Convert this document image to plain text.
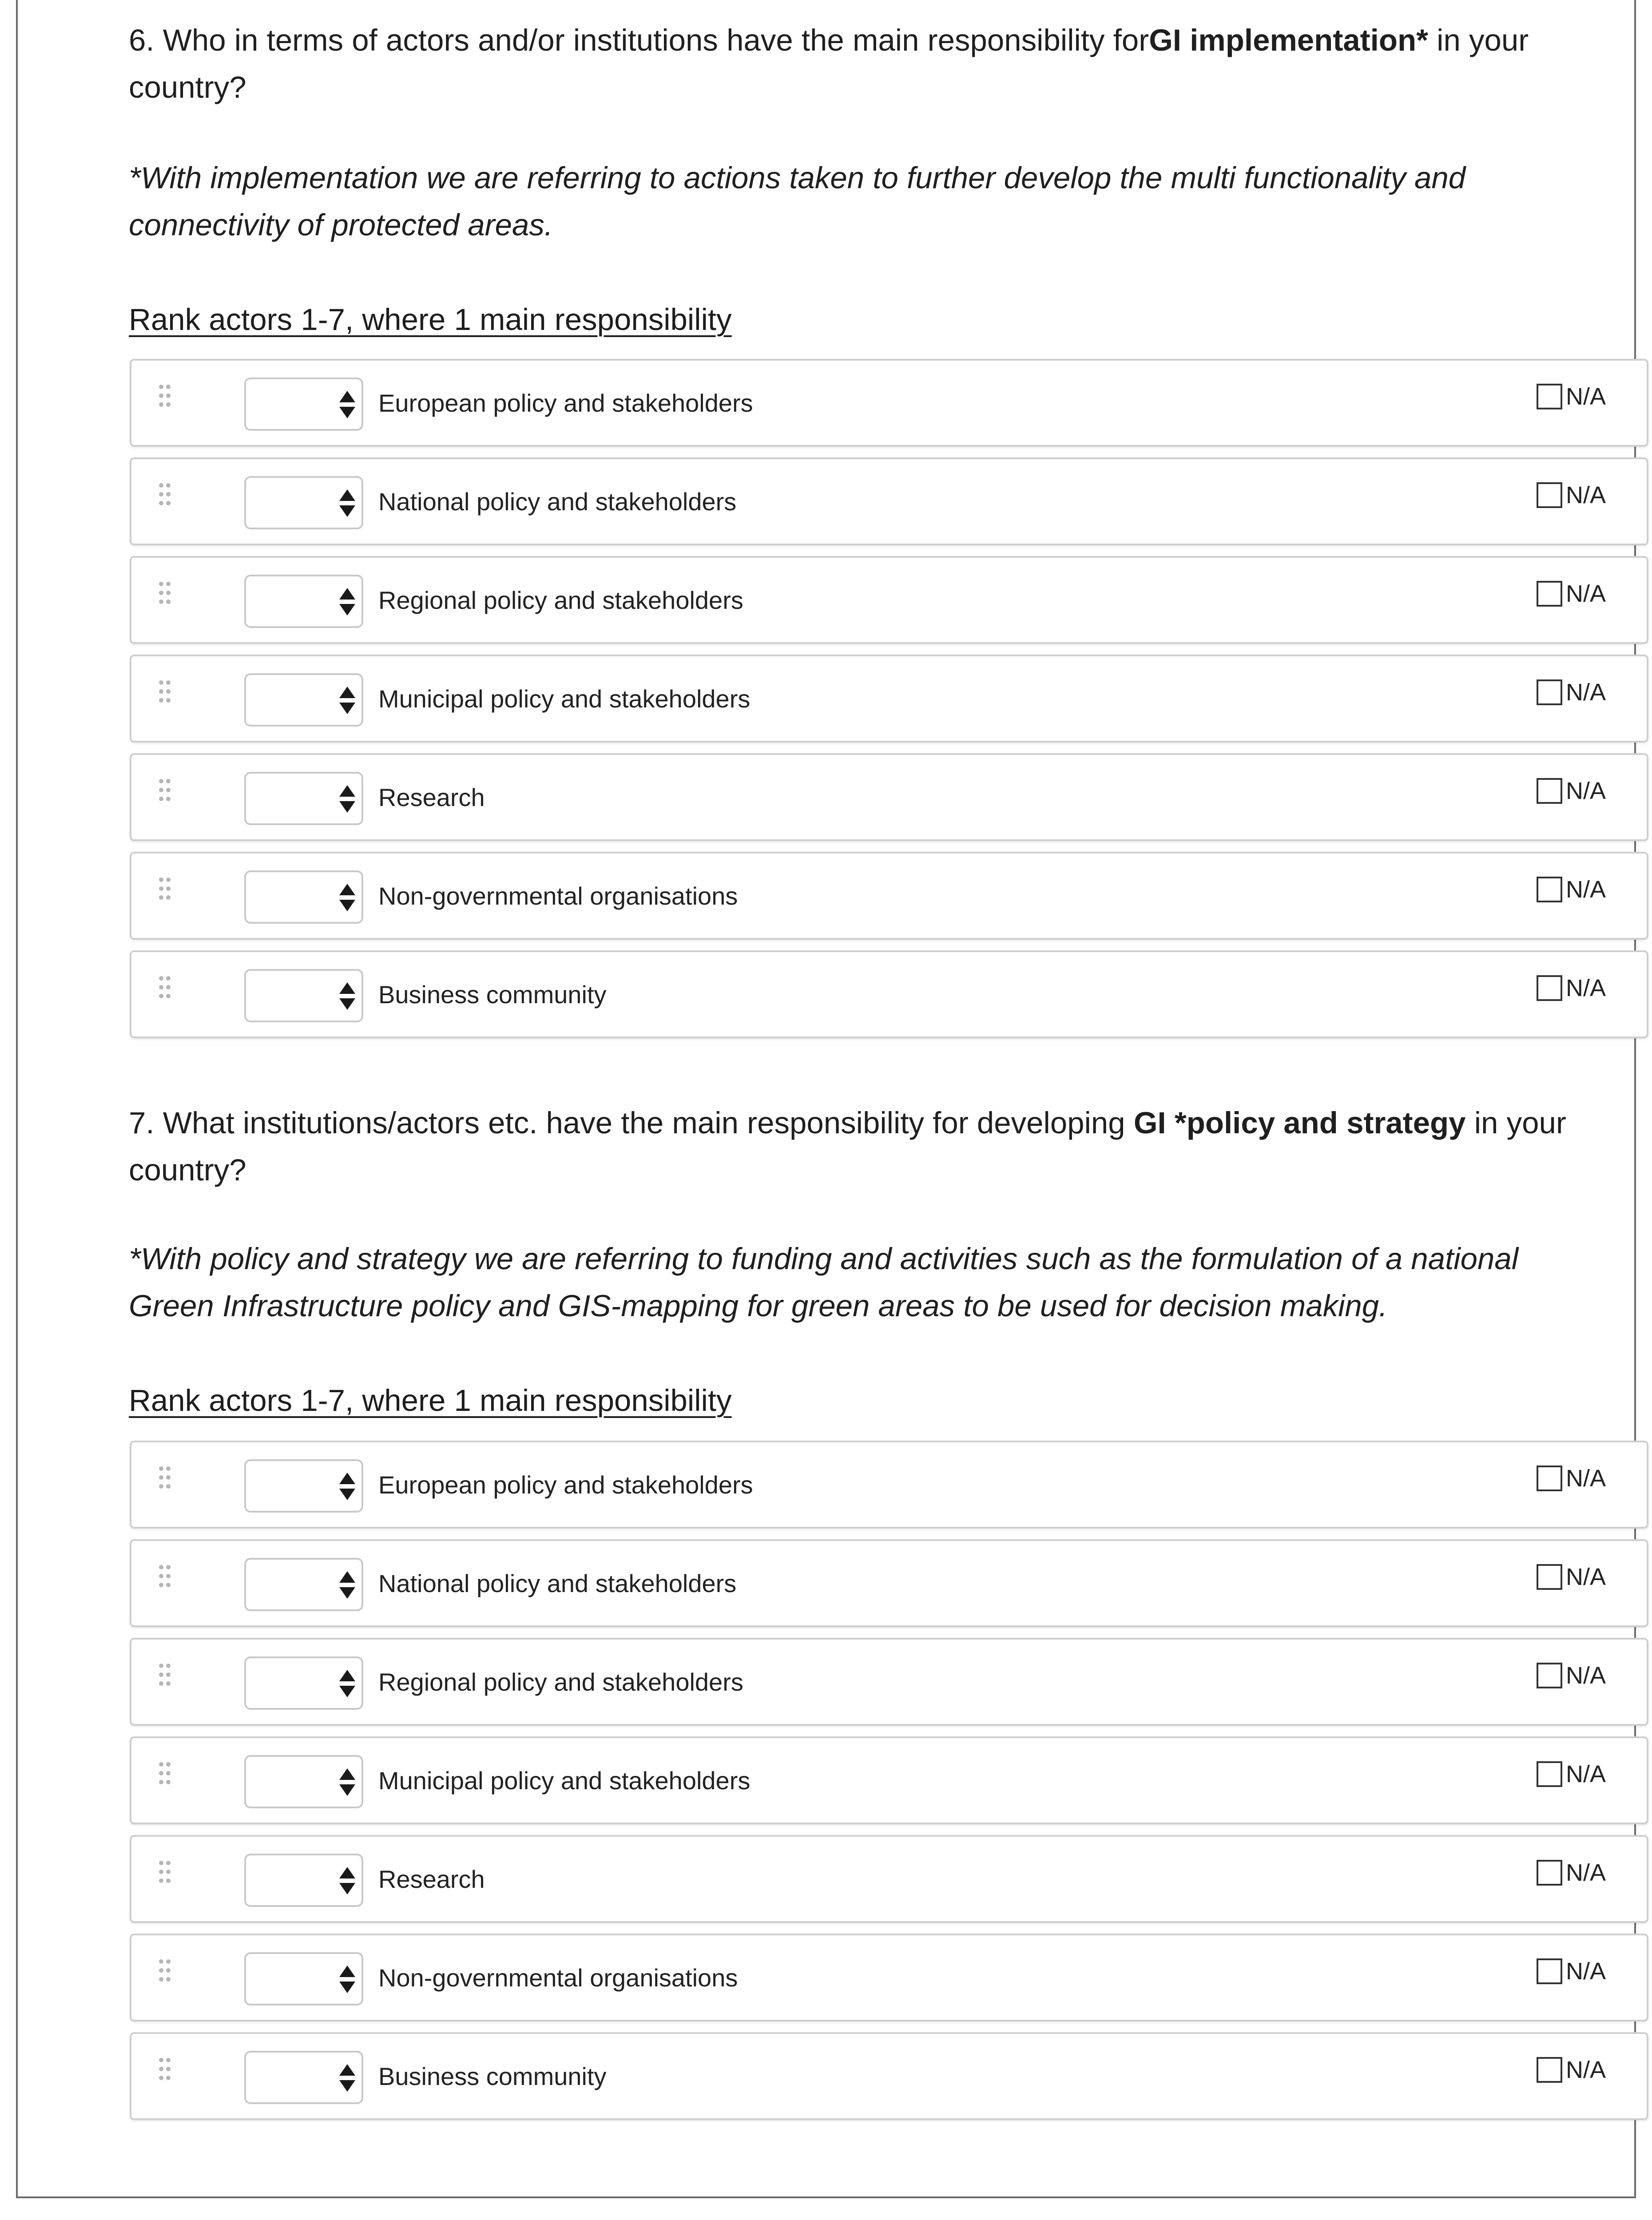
6. Who in terms of actors and/or institutions have the main responsibility forGI implementation* in your country?
*With implementation we are referring to actions taken to further develop the multi functionality and connectivity of protected areas.
Rank actors 1-7, where 1 main responsibility
European policy and stakeholders	N/A
National policy and stakeholders	N/A
Regional policy and stakeholders	N/A
Municipal policy and stakeholders	N/A
Research	N/A
Non-governmental organisations	N/A
Business community	N/A
7. What institutions/actors etc. have the main responsibility for developing GI *policy and strategy in your country?
*With policy and strategy we are referring to funding and activities such as the formulation of a national Green Infrastructure policy and GIS-mapping for green areas to be used for decision making.
Rank actors 1-7, where 1 main responsibility
European policy and stakeholders	N/A
National policy and stakeholders	N/A
Regional policy and stakeholders	N/A
Municipal policy and stakeholders	N/A
Research	N/A
Non-governmental organisations	N/A
Business community	N/A
